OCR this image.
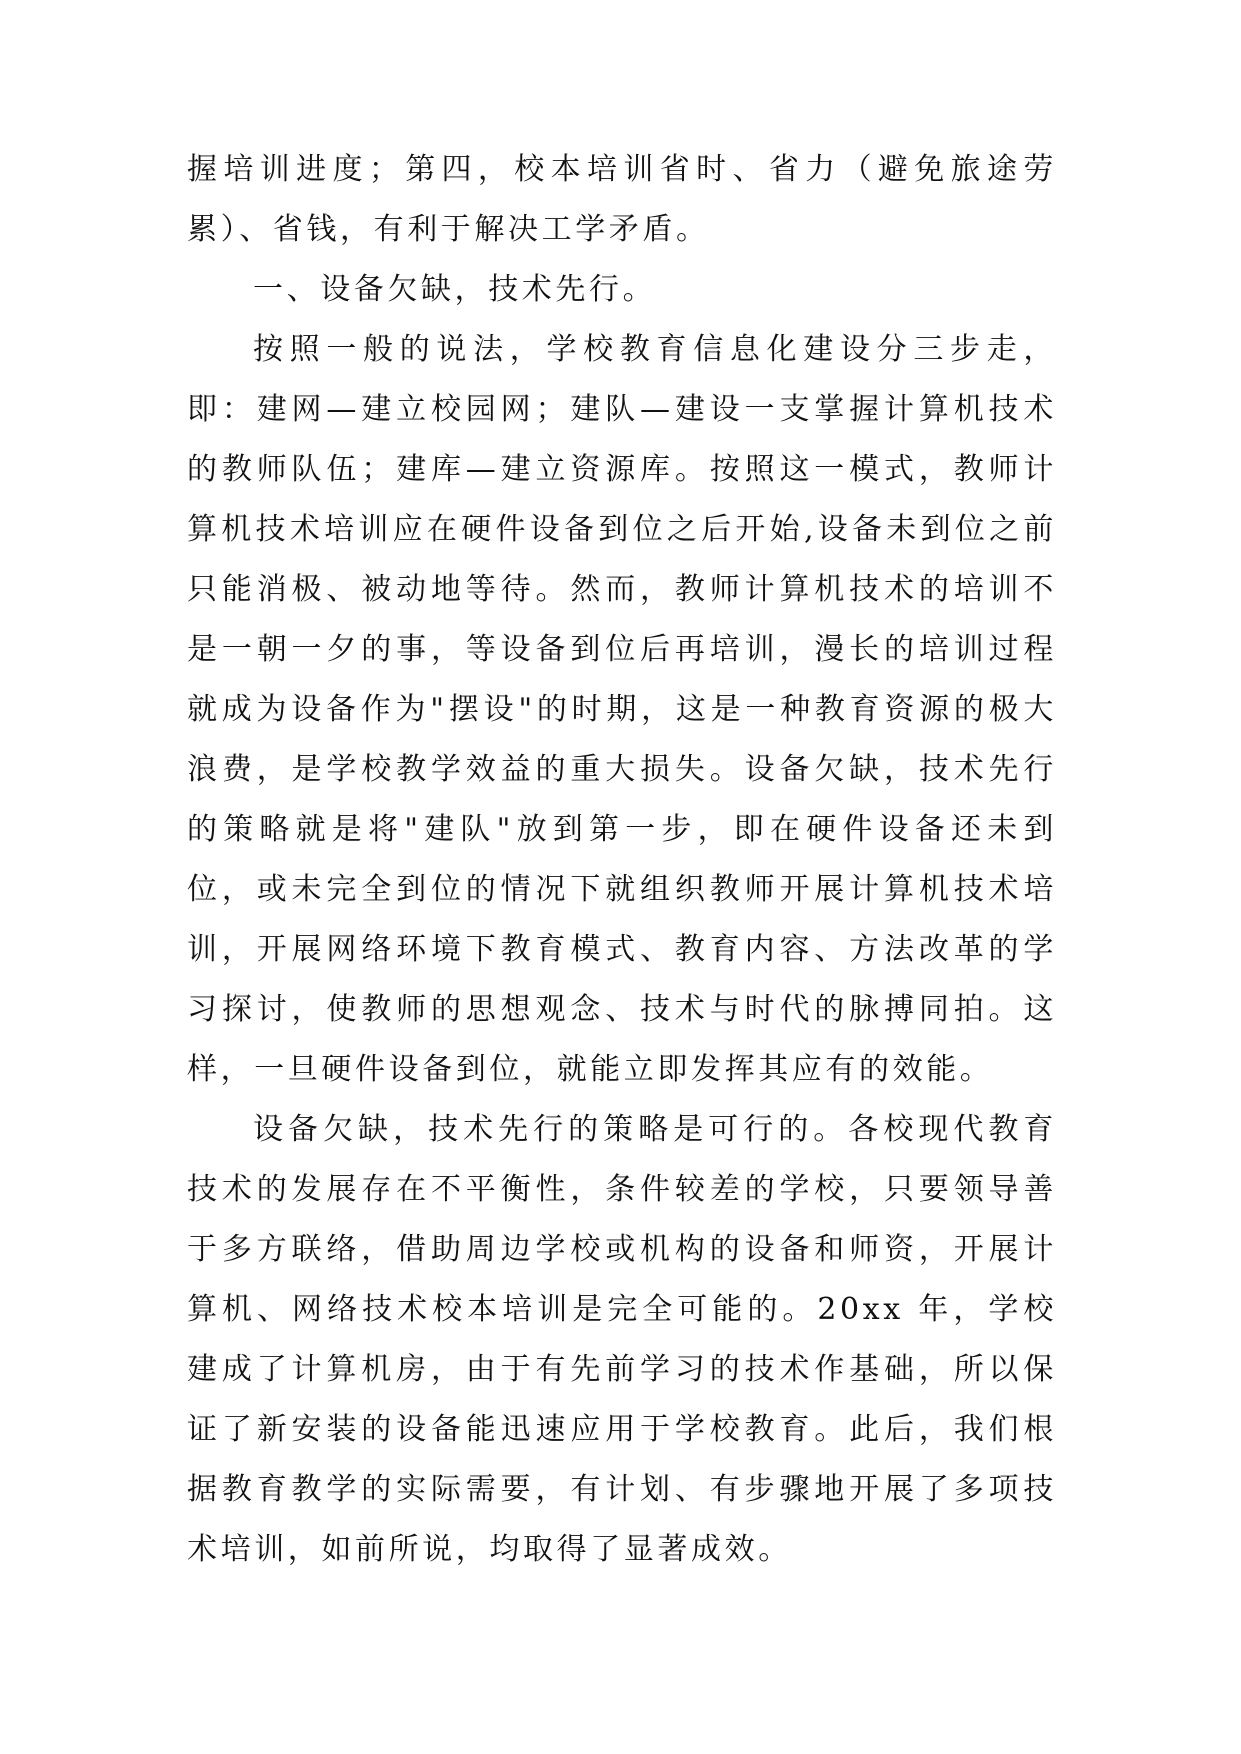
握培训进度；第四，校本培训省时、省力（避免旅途劳累）、省钱，有利于解决工学矛盾。

一、设备欠缺，技术先行。

按照一般的说法，学校教育信息化建设分三步走，即：建网—建立校园网；建队—建设一支掌握计算机技术的教师队伍；建库—建立资源库。按照这一模式，教师计算机技术培训应在硬件设备到位之后开始,设备未到位之前只能消极、被动地等待。然而，教师计算机技术的培训不是一朝一夕的事，等设备到位后再培训，漫长的培训过程就成为设备作为"摆设"的时期，这是一种教育资源的极大浪费，是学校教学效益的重大损失。设备欠缺，技术先行的策略就是将"建队"放到第一步，即在硬件设备还未到位，或未完全到位的情况下就组织教师开展计算机技术培训，开展网络环境下教育模式、教育内容、方法改革的学习探讨，使教师的思想观念、技术与时代的脉搏同拍。这样，一旦硬件设备到位，就能立即发挥其应有的效能。

设备欠缺，技术先行的策略是可行的。各校现代教育技术的发展存在不平衡性，条件较差的学校，只要领导善于多方联络，借助周边学校或机构的设备和师资，开展计算机、网络技术校本培训是完全可能的。20xx 年，学校建成了计算机房，由于有先前学习的技术作基础，所以保证了新安装的设备能迅速应用于学校教育。此后，我们根据教育教学的实际需要，有计划、有步骤地开展了多项技术培训，如前所说，均取得了显著成效。
